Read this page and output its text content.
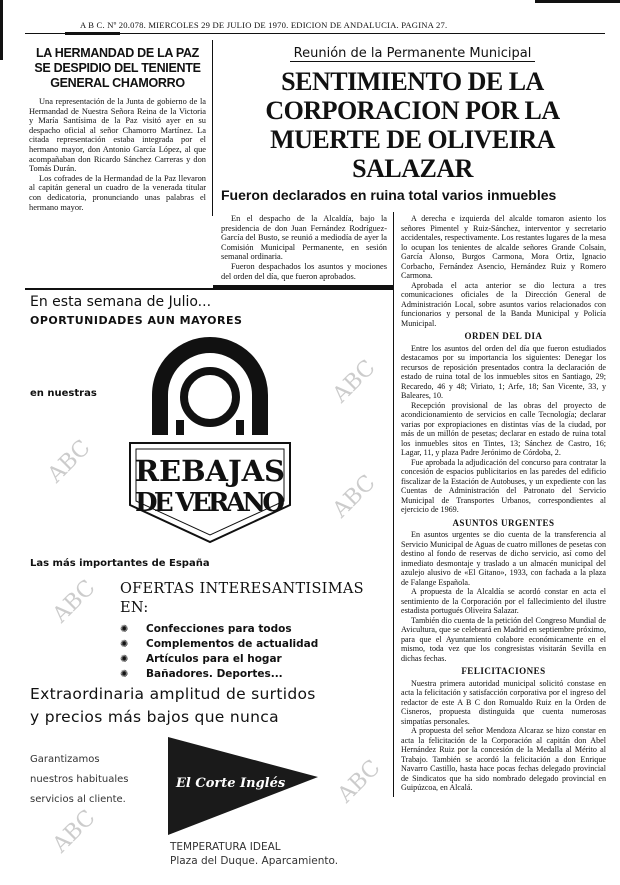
A B C. Nº 20.078. MIERCOLES 29 DE JULIO DE 1970. EDICION DE ANDALUCIA. PAGINA 27.
LA HERMANDAD DE LA PAZ SE DESPIDIO DEL TENIENTE GENERAL CHAMORRO

Una representación de la Junta de gobierno de la Hermandad de Nuestra Señora Reina de la Victoria y María Santísima de la Paz visitó ayer en su despacho oficial al señor Chamorro Martínez. La citada representación estaba integrada por el hermano mayor, don Antonio García López, al que acompañaban don Ricardo Sánchez Carreras y don Tomás Durán.

Los cofrades de la Hermandad de la Paz llevaron al capitán general un cuadro de la venerada titular con dedicatoria, pronunciando unas palabras el hermano mayor.

Reunión de la Permanente Municipal
SENTIMIENTO DE LA CORPORACION POR LA MUERTE DE OLIVEIRA SALAZAR
Fueron declarados en ruina total varios inmuebles

En el despacho de la Alcaldía, bajo la presidencia de don Juan Fernández Rodríguez-García del Busto, se reunió a mediodía de ayer la Comisión Municipal Permanente, en sesión semanal ordinaria.

Fueron despachados los asuntos y mociones del orden del día, que fueron aprobados.

A derecha e izquierda del alcalde tomaron asiento los señores Pimentel y Ruiz-Sánchez, interventor y secretario accidentales, respectivamente. Los restantes lugares de la mesa lo ocupan los tenientes de alcalde señores Grande Colsain, García Alonso, Burgos Carmona, Mora Ortiz, Ignacio Corbacho, Fernández Asencio, Hernández Ruiz y Romero Carmona.

Aprobada el acta anterior se dio lectura a tres comunicaciones oficiales de la Dirección General de Administración Local, sobre asuntos varios relacionados con funcionarios y personal de la Banda Municipal y Policía Municipal.

ORDEN DEL DIA

Entre los asuntos del orden del día que fueron estudiados destacamos por su importancia los siguientes: Denegar los recursos de reposición presentados contra la declaración de estado de ruina total de los inmuebles sitos en Santiago, 29; Recaredo, 46 y 48; Viriato, 1; Arfe, 18; San Vicente, 33, y Baleares, 10.

Recepción provisional de las obras del proyecto de acondicionamiento de servicios en calle Tecnología; declarar varias por expropiaciones en distintas vías de la ciudad, por más de un millón de pesetas; declarar en estado de ruina total los inmuebles sitos en Tintes, 13; Sánchez de Castro, 16; Lagar, 11, y plaza Padre Jerónimo de Córdoba, 2.

Fue aprobada la adjudicación del concurso para contratar la concesión de espacios publicitarios en las paredes del edificio fiscalizar de la Estación de Autobuses, y un expediente con las Cuentas de Administración del Patronato del Servicio Municipal de Transportes Urbanos, correspondientes al ejercicio de 1969.

ASUNTOS URGENTES

En asuntos urgentes se dio cuenta de la transferencia al Servicio Municipal de Aguas de cuatro millones de pesetas con destino al fondo de reservas de dicho servicio, así como del inmediato desmontaje y traslado a un almacén municipal del azulejo alusivo de «El Gitano», 1933, con fachada a la plaza de Falange Española.

A propuesta de la Alcaldía se acordó constar en acta el sentimiento de la Corporación por el fallecimiento del ilustre estadista portugués Oliveira Salazar.

También dio cuenta de la petición del Congreso Mundial de Avicultura, que se celebrará en Madrid en septiembre próximo, para que el Ayuntamiento colabore económicamente en el mismo, toda vez que los congresistas visitarán Sevilla en dichas fechas.

FELICITACIONES

Nuestra primera autoridad municipal solicitó constase en acta la felicitación y satisfacción corporativa por el ingreso del redactor de este A B C don Romualdo Ruiz en la Orden de Cisneros, propuesta distinguida que cuenta numerosas simpatías personales.

A propuesta del señor Mendoza Alcaraz se hizo constar en acta la felicitación de la Corporación al capitán don Abel Hernández Ruiz por la concesión de la Medalla al Mérito al Trabajo. También se acordó la felicitación a don Enrique Navarro Castillo, hasta hace pocas fechas delegado provincial de Sindicatos que ha sido nombrado delegado provincial en Guipúzcoa, en Alcalá.

En esta semana de Julio...
OPORTUNIDADES AUN MAYORES
en nuestras
REBAJAS
DE VERANO
Las más importantes de España
OFERTAS INTERESANTISIMAS EN:
✺ Confecciones para todos
✺ Complementos de actualidad
✺ Artículos para el hogar
✺ Bañadores. Deportes...
Extraordinaria amplitud de surtidos
y precios más bajos que nunca
Garantizamos
nuestros habituales
servicios al cliente.
El Corte Inglés
TEMPERATURA IDEAL
Plaza del Duque. Aparcamiento.
ABC
ABC
ABC
ABC
ABC
ABC
